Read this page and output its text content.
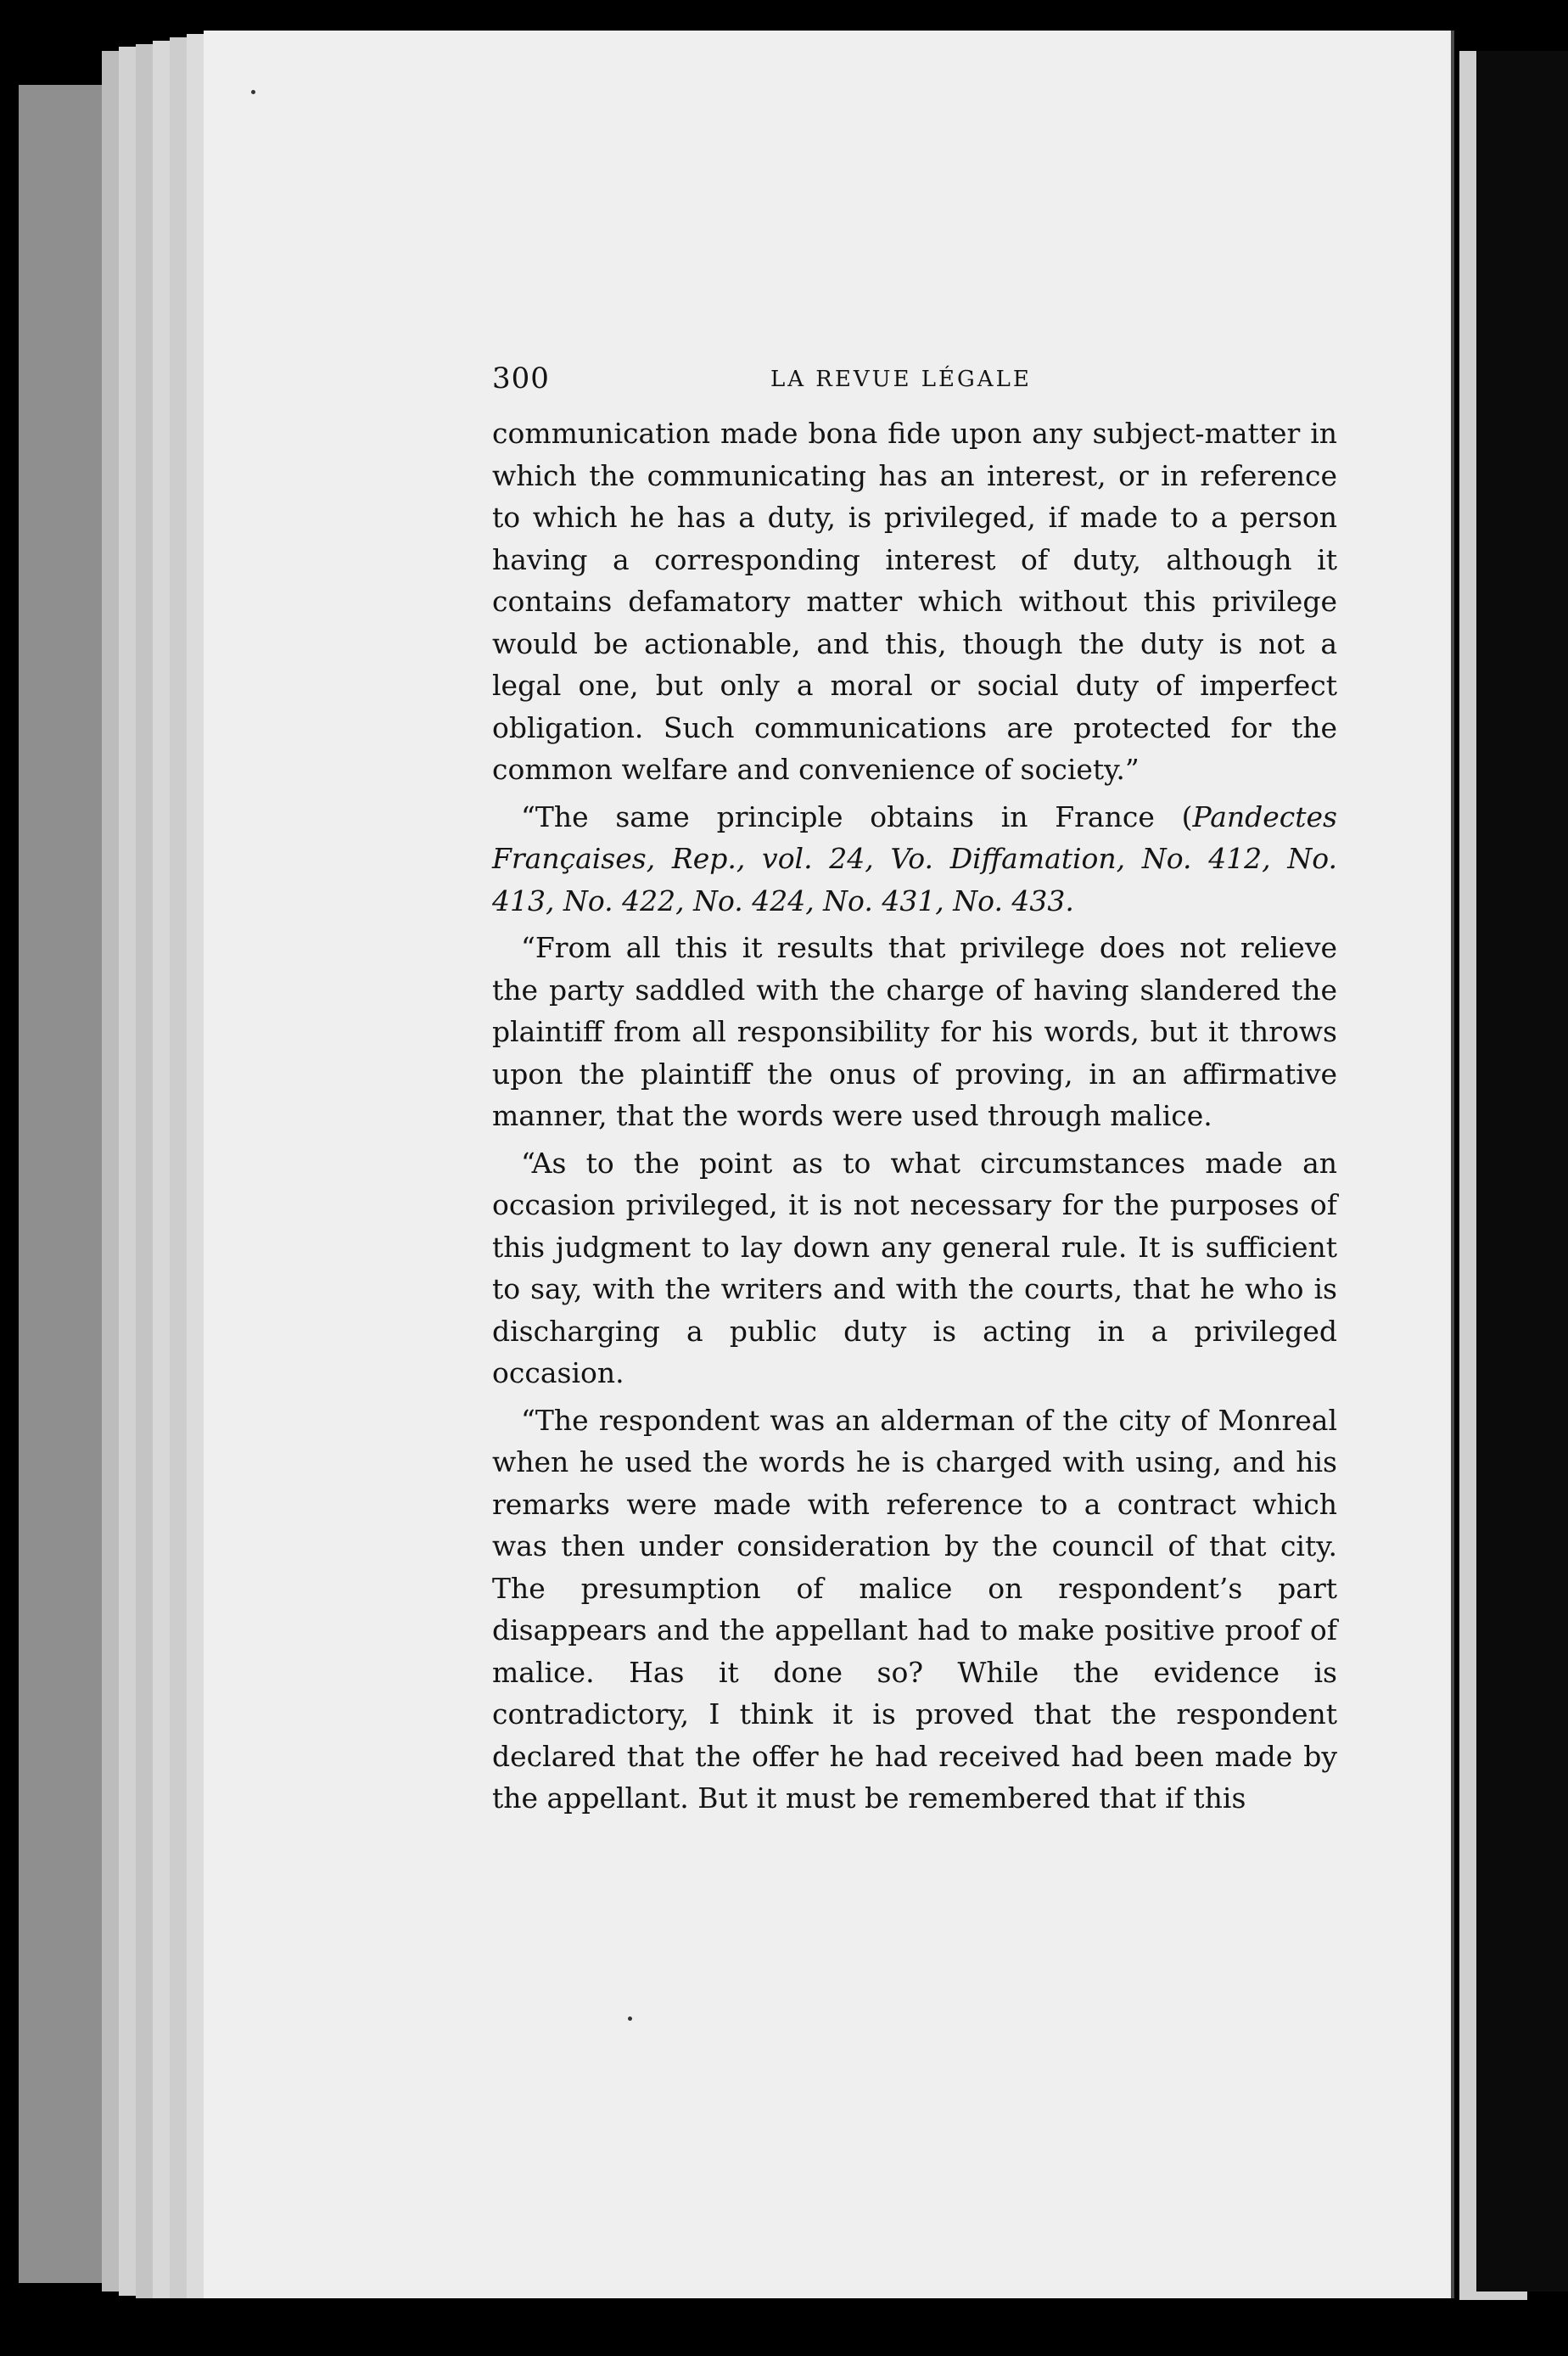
300	LA REVUE LÉGALE

communication made bona fide upon any subject-matter in which the communicating has an interest, or in reference to which he has a duty, is privileged, if made to a person having a corresponding interest of duty, although it contains defamatory matter which without this privilege would be actionable, and this, though the duty is not a legal one, but only a moral or social duty of imperfect obligation. Such communications are protected for the common welfare and convenience of society.”

“The same principle obtains in France (Pandectes Françaises, Rep., vol. 24, Vo. Diffamation, No. 412, No. 413, No. 422, No. 424, No. 431, No. 433.

“From all this it results that privilege does not relieve the party saddled with the charge of having slandered the plaintiff from all responsibility for his words, but it throws upon the plaintiff the onus of proving, in an affirmative manner, that the words were used through malice.

“As to the point as to what circumstances made an occasion privileged, it is not necessary for the purposes of this judgment to lay down any general rule. It is sufficient to say, with the writers and with the courts, that he who is discharging a public duty is acting in a privileged occasion.

“The respondent was an alderman of the city of Monreal when he used the words he is charged with using, and his remarks were made with reference to a contract which was then under consideration by the council of that city. The presumption of malice on respondent’s part disappears and the appellant had to make positive proof of malice. Has it done so? While the evidence is contradictory, I think it is proved that the respondent declared that the offer he had received had been made by the appellant. But it must be remembered that if this
